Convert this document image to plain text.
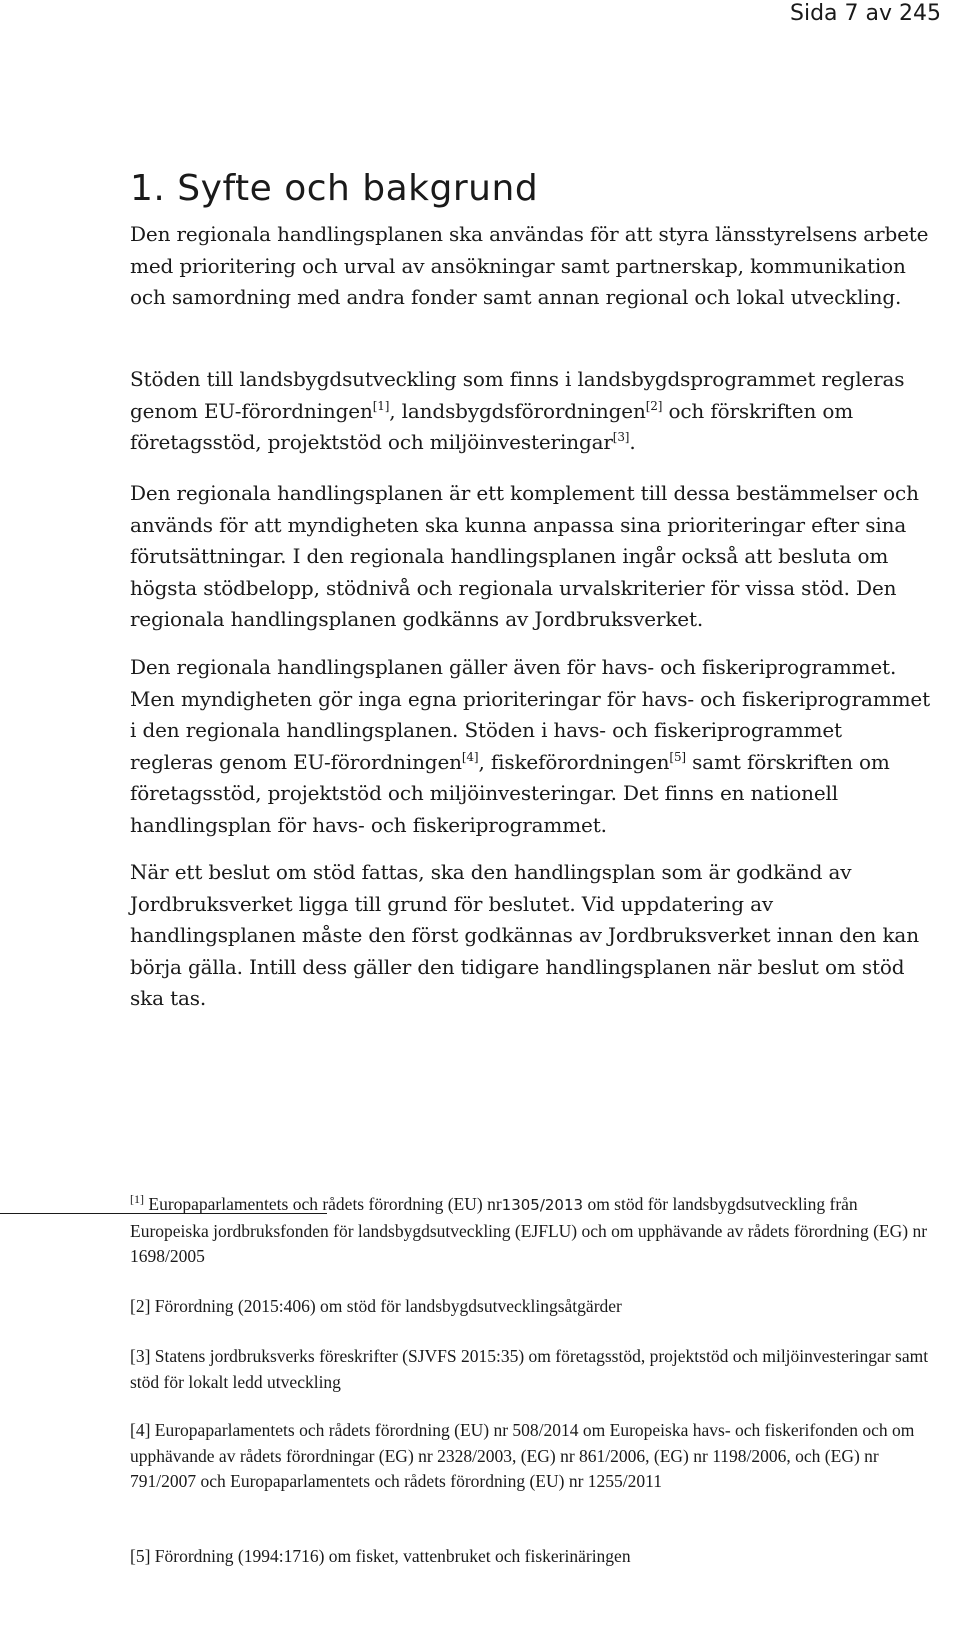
Sida 7 av 245
1. Syfte och bakgrund

Den regionala handlingsplanen ska användas för att styra länsstyrelsens arbete med prioritering och urval av ansökningar samt partnerskap, kommunikation och samordning med andra fonder samt annan regional och lokal utveckling.

Stöden till landsbygdsutveckling som finns i landsbygdsprogrammet regleras genom EU-förordningen[1], landsbygdsförordningen[2] och förskriften om företagsstöd, projektstöd och miljöinvesteringar[3].

Den regionala handlingsplanen är ett komplement till dessa bestämmelser och används för att myndigheten ska kunna anpassa sina prioriteringar efter sina förutsättningar. I den regionala handlingsplanen ingår också att besluta om högsta stödbelopp, stödnivå och regionala urvalskriterier för vissa stöd. Den regionala handlingsplanen godkänns av Jordbruksverket.

Den regionala handlingsplanen gäller även för havs- och fiskeriprogrammet. Men myndigheten gör inga egna prioriteringar för havs- och fiskeriprogrammet i den regionala handlingsplanen. Stöden i havs- och fiskeriprogrammet regleras genom EU-förordningen[4], fiskeförordningen[5] samt förskriften om företagsstöd, projektstöd och miljöinvesteringar. Det finns en nationell handlingsplan för havs- och fiskeriprogrammet.

När ett beslut om stöd fattas, ska den handlingsplan som är godkänd av Jordbruksverket ligga till grund för beslutet. Vid uppdatering av handlingsplanen måste den först godkännas av Jordbruksverket innan den kan börja gälla. Intill dess gäller den tidigare handlingsplanen när beslut om stöd ska tas.

[1] Europaparlamentets och rådets förordning (EU) nr1305/2013 om stöd för landsbygdsutveckling från Europeiska jordbruksfonden för landsbygdsutveckling (EJFLU) och om upphävande av rådets förordning (EG) nr 1698/2005

[2] Förordning (2015:406) om stöd för landsbygdsutvecklingsåtgärder

[3] Statens jordbruksverks föreskrifter (SJVFS 2015:35) om företagsstöd, projektstöd och miljöinvesteringar samt stöd för lokalt ledd utveckling

[4] Europaparlamentets och rådets förordning (EU) nr 508/2014 om Europeiska havs- och fiskerifonden och om upphävande av rådets förordningar (EG) nr 2328/2003, (EG) nr 861/2006, (EG) nr 1198/2006, och (EG) nr 791/2007 och Europaparlamentets och rådets förordning (EU) nr 1255/2011

[5] Förordning (1994:1716) om fisket, vattenbruket och fiskerinäringen
